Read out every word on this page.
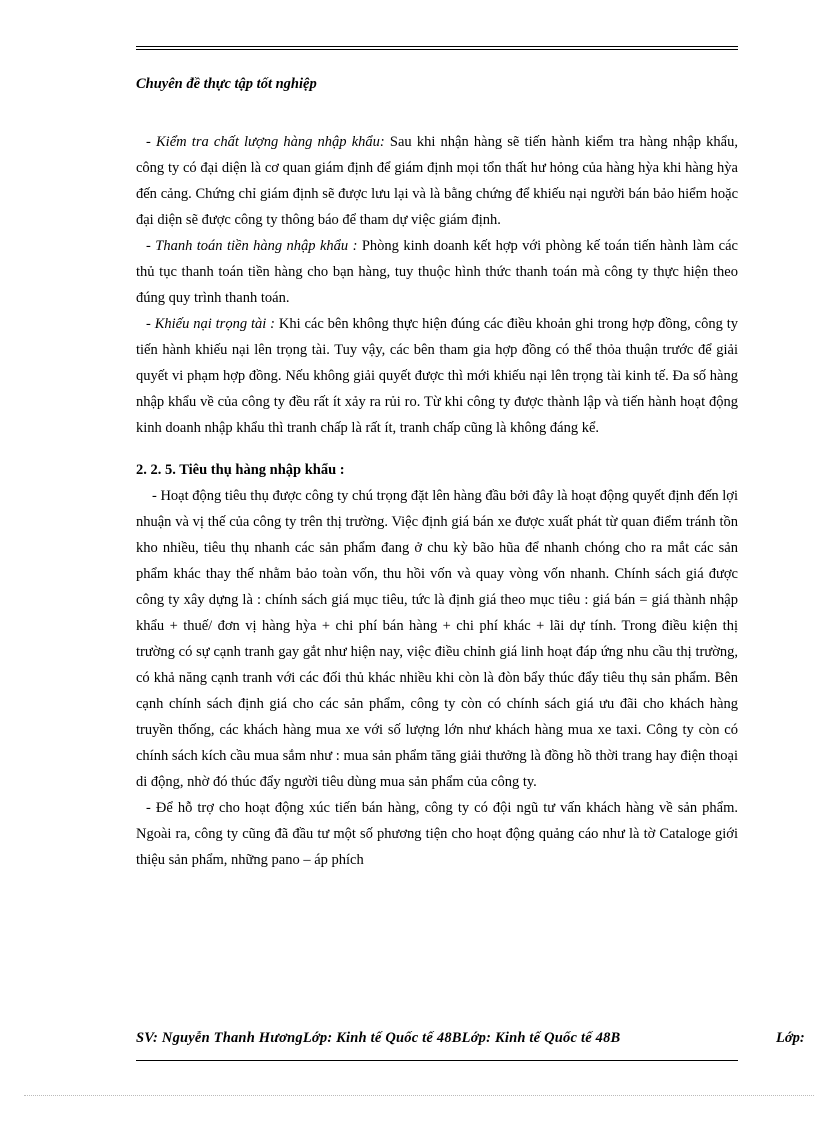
Chuyên đề thực tập tốt nghiệp

- Kiểm tra chất lượng hàng nhập khẩu: Sau khi nhận hàng sẽ tiến hành kiểm tra hàng nhập khẩu, công ty có đại diện là cơ quan giám định để giám định mọi tổn thất hư hỏng của hàng hỳa khi hàng hỳa đến cảng. Chứng chỉ giám định sẽ được lưu lại và là bằng chứng để khiếu nại người bán bảo hiểm hoặc đại diện sẽ được công ty thông báo để tham dự việc giám định.

- Thanh toán tiền hàng nhập khẩu : Phòng kinh doanh kết hợp với phòng kế toán tiến hành làm các thủ tục thanh toán tiền hàng cho bạn hàng, tuy thuộc hình thức thanh toán mà công ty thực hiện theo đúng quy trình thanh toán.

- Khiếu nại trọng tài : Khi các bên không thực hiện đúng các điều khoản ghi trong hợp đồng, công ty tiến hành khiếu nại lên trọng tài. Tuy vậy, các bên tham gia hợp đồng có thể thỏa thuận trước để giải quyết vi phạm hợp đồng. Nếu không giải quyết được thì mới khiếu nại lên trọng tài kinh tế. Đa số hàng nhập khẩu về của công ty đều rất ít xảy ra rủi ro. Từ khi công ty được thành lập và tiến hành hoạt động kinh doanh nhập khẩu thì tranh chấp là rất ít, tranh chấp cũng là không đáng kể.

2. 2. 5. Tiêu thụ hàng nhập khẩu :

- Hoạt động tiêu thụ được công ty chú trọng đặt lên hàng đầu bởi đây là hoạt động quyết định đến lợi nhuận và vị thế của công ty trên thị trường. Việc định giá bán xe được xuất phát từ quan điểm tránh tồn kho nhiều, tiêu thụ nhanh các sản phẩm đang ở chu kỳ bão hũa để nhanh chóng cho ra mắt các sản phẩm khác thay thế nhằm bảo toàn vốn, thu hồi vốn và quay vòng vốn nhanh. Chính sách giá được công ty xây dựng là : chính sách giá mục tiêu, tức là định giá theo mục tiêu : giá bán = giá thành nhập khẩu + thuế/ đơn vị hàng hỳa + chi phí bán hàng + chi phí khác + lãi dự tính. Trong điều kiện thị trường có sự cạnh tranh gay gắt như hiện nay, việc điều chỉnh giá linh hoạt đáp ứng nhu cầu thị trường, có khả năng cạnh tranh với các đối thủ khác nhiều khi còn là đòn bẩy thúc đẩy tiêu thụ sản phẩm. Bên cạnh chính sách định giá cho các sản phẩm, công ty còn có chính sách giá ưu đãi cho khách hàng truyền thống, các khách hàng mua xe với số lượng lớn như khách hàng mua xe taxi. Công ty còn có chính sách kích cầu mua sắm như : mua sản phẩm tăng giải thưởng là đồng hồ thời trang hay điện thoại di động, nhờ đó thúc đẩy người tiêu dùng mua sản phẩm của công ty.

- Để hỗ trợ cho hoạt động xúc tiến bán hàng, công ty có đội ngũ tư vấn khách hàng về sản phẩm. Ngoài ra, công ty cũng đã đầu tư một số phương tiện cho hoạt động quảng cáo như là tờ Cataloge giới thiệu sản phẩm, những pano – áp phích

SV: Nguyễn Thanh HươngLớp: Kinh tế Quốc tế 48BLớp: Kinh tế Quốc tế 48B	Lớp:
